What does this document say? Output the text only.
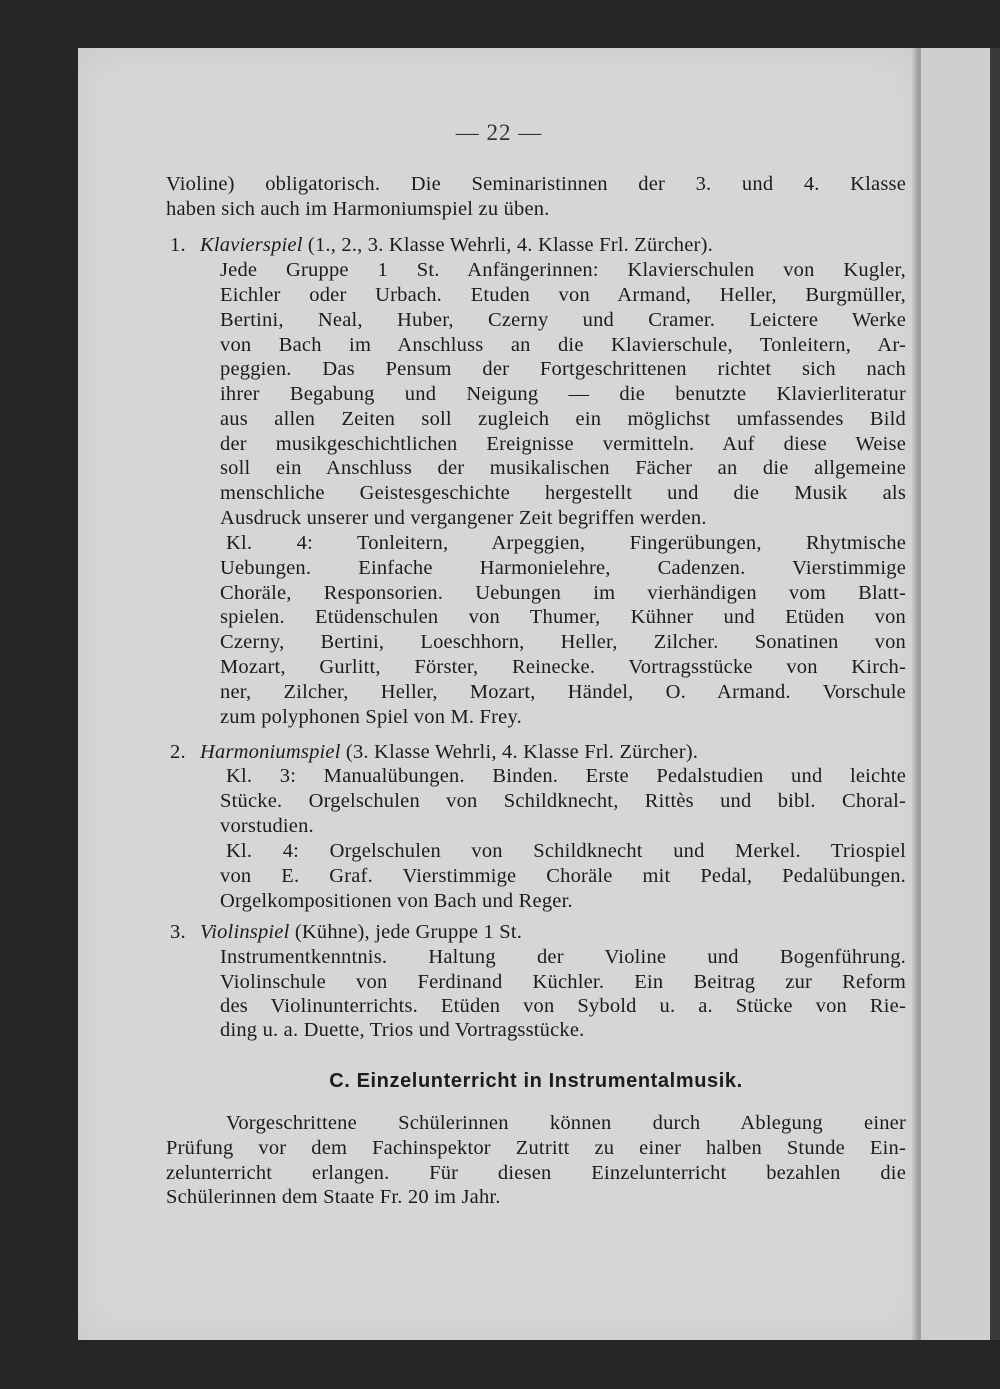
— 22 —
Violine) obligatorisch. Die Seminaristinnen der 3. und 4. Klasse
haben sich auch im Harmoniumspiel zu üben.
1. Klavierspiel (1., 2., 3. Klasse Wehrli, 4. Klasse Frl. Zürcher).
Jede Gruppe 1 St. Anfängerinnen: Klavierschulen von Kugler,
Eichler oder Urbach. Etuden von Armand, Heller, Burgmüller,
Bertini, Neal, Huber, Czerny und Cramer. Leictere Werke
von Bach im Anschluss an die Klavierschule, Tonleitern, Ar-
peggien. Das Pensum der Fortgeschrittenen richtet sich nach
ihrer Begabung und Neigung — die benutzte Klavierliteratur
aus allen Zeiten soll zugleich ein möglichst umfassendes Bild
der musikgeschichtlichen Ereignisse vermitteln. Auf diese Weise
soll ein Anschluss der musikalischen Fächer an die allgemeine
menschliche Geistesgeschichte hergestellt und die Musik als
Ausdruck unserer und vergangener Zeit begriffen werden.
Kl. 4: Tonleitern, Arpeggien, Fingerübungen, Rhytmische
Uebungen. Einfache Harmonielehre, Cadenzen. Vierstimmige
Choräle, Responsorien. Uebungen im vierhändigen vom Blatt-
spielen. Etüdenschulen von Thumer, Kühner und Etüden von
Czerny, Bertini, Loeschhorn, Heller, Zilcher. Sonatinen von
Mozart, Gurlitt, Förster, Reinecke. Vortragsstücke von Kirch-
ner, Zilcher, Heller, Mozart, Händel, O. Armand. Vorschule
zum polyphonen Spiel von M. Frey.
2. Harmoniumspiel (3. Klasse Wehrli, 4. Klasse Frl. Zürcher).
Kl. 3: Manualübungen. Binden. Erste Pedalstudien und leichte
Stücke. Orgelschulen von Schildknecht, Rittès und bibl. Choral-
vorstudien.
Kl. 4: Orgelschulen von Schildknecht und Merkel. Triospiel
von E. Graf. Vierstimmige Choräle mit Pedal, Pedalübungen.
Orgelkompositionen von Bach und Reger.
3. Violinspiel (Kühne), jede Gruppe 1 St.
Instrumentkenntnis. Haltung der Violine und Bogenführung.
Violinschule von Ferdinand Küchler. Ein Beitrag zur Reform
des Violinunterrichts. Etüden von Sybold u. a. Stücke von Rie-
ding u. a. Duette, Trios und Vortragsstücke.
C. Einzelunterricht in Instrumentalmusik.
Vorgeschrittene Schülerinnen können durch Ablegung einer
Prüfung vor dem Fachinspektor Zutritt zu einer halben Stunde Ein-
zelunterricht erlangen. Für diesen Einzelunterricht bezahlen die
Schülerinnen dem Staate Fr. 20 im Jahr.
